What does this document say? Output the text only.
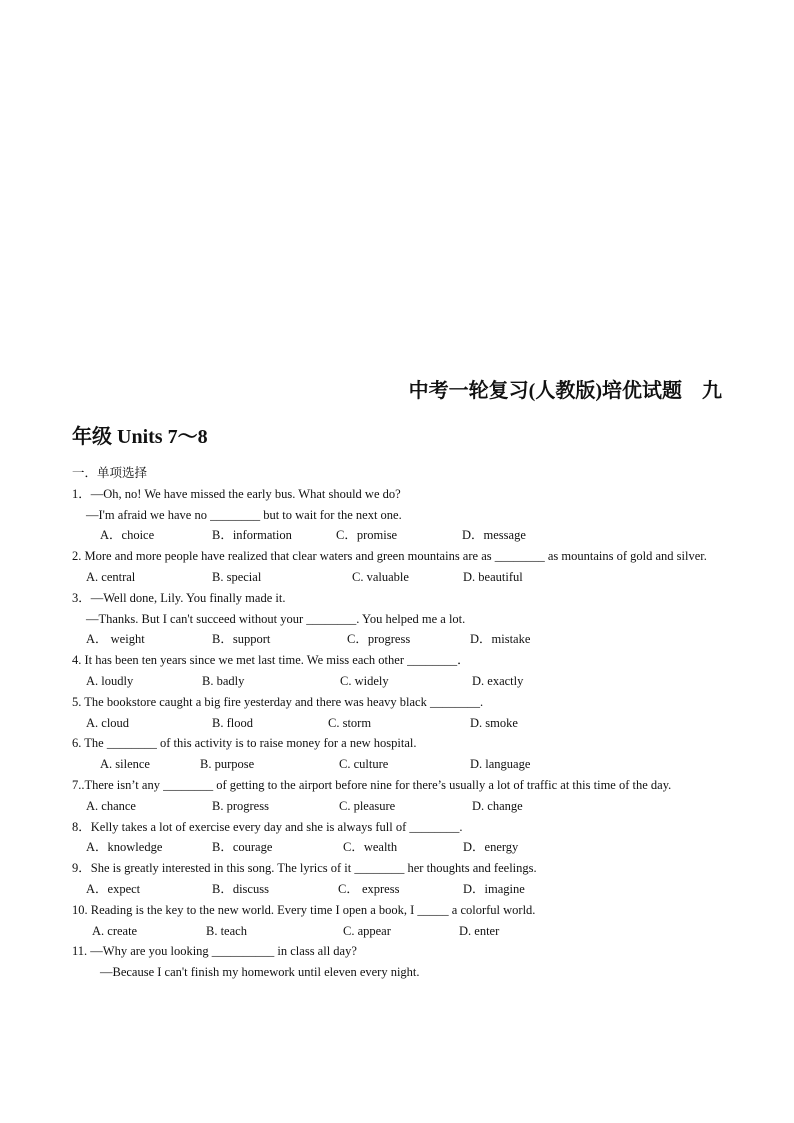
中考一轮复习(人教版)培优试题　九
年级 Units 7～8
一．单项选择
1．—Oh, no! We have missed the early bus. What should we do?
—I'm afraid we have no ________ but to wait for the next one.
A．choice	B．information	C．promise	D．message
2. More and more people have realized that clear waters and green mountains are as ________ as mountains of gold and silver.
A. central	B. special	C. valuable	D. beautiful
3．—Well done, Lily. You finally made it.
—Thanks. But I can't succeed without your ________. You helped me a lot.
A． weight	B．support	C．progress	D．mistake
4. It has been ten years since we met last time. We miss each other ________．
A. loudly	B. badly	C. widely	D. exactly
5. The bookstore caught a big fire yesterday and there was heavy black ________.
A. cloud	B. flood	C. storm	D. smoke
6. The ________ of this activity is to raise money for a new hospital.
A. silence	B. purpose	C. culture	D. language
7..There isn’t any ________ of getting to the airport before nine for there’s usually a lot of traffic at this time of the day.
A. chance	B. progress	C. pleasure	D. change
8．Kelly takes a lot of exercise every day and she is always full of ________.
A．knowledge	B．courage	C．wealth	D．energy
9．She is greatly interested in this song. The lyrics of it ________ her thoughts and feelings.
A．expect	B．discuss	C． express	D．imagine
10. Reading is the key to the new world. Every time I open a book, I _____ a colorful world.
A. create	B. teach	C. appear	D. enter
11. —Why are you looking __________ in class all day?
—Because I can't finish my homework until eleven every night.
